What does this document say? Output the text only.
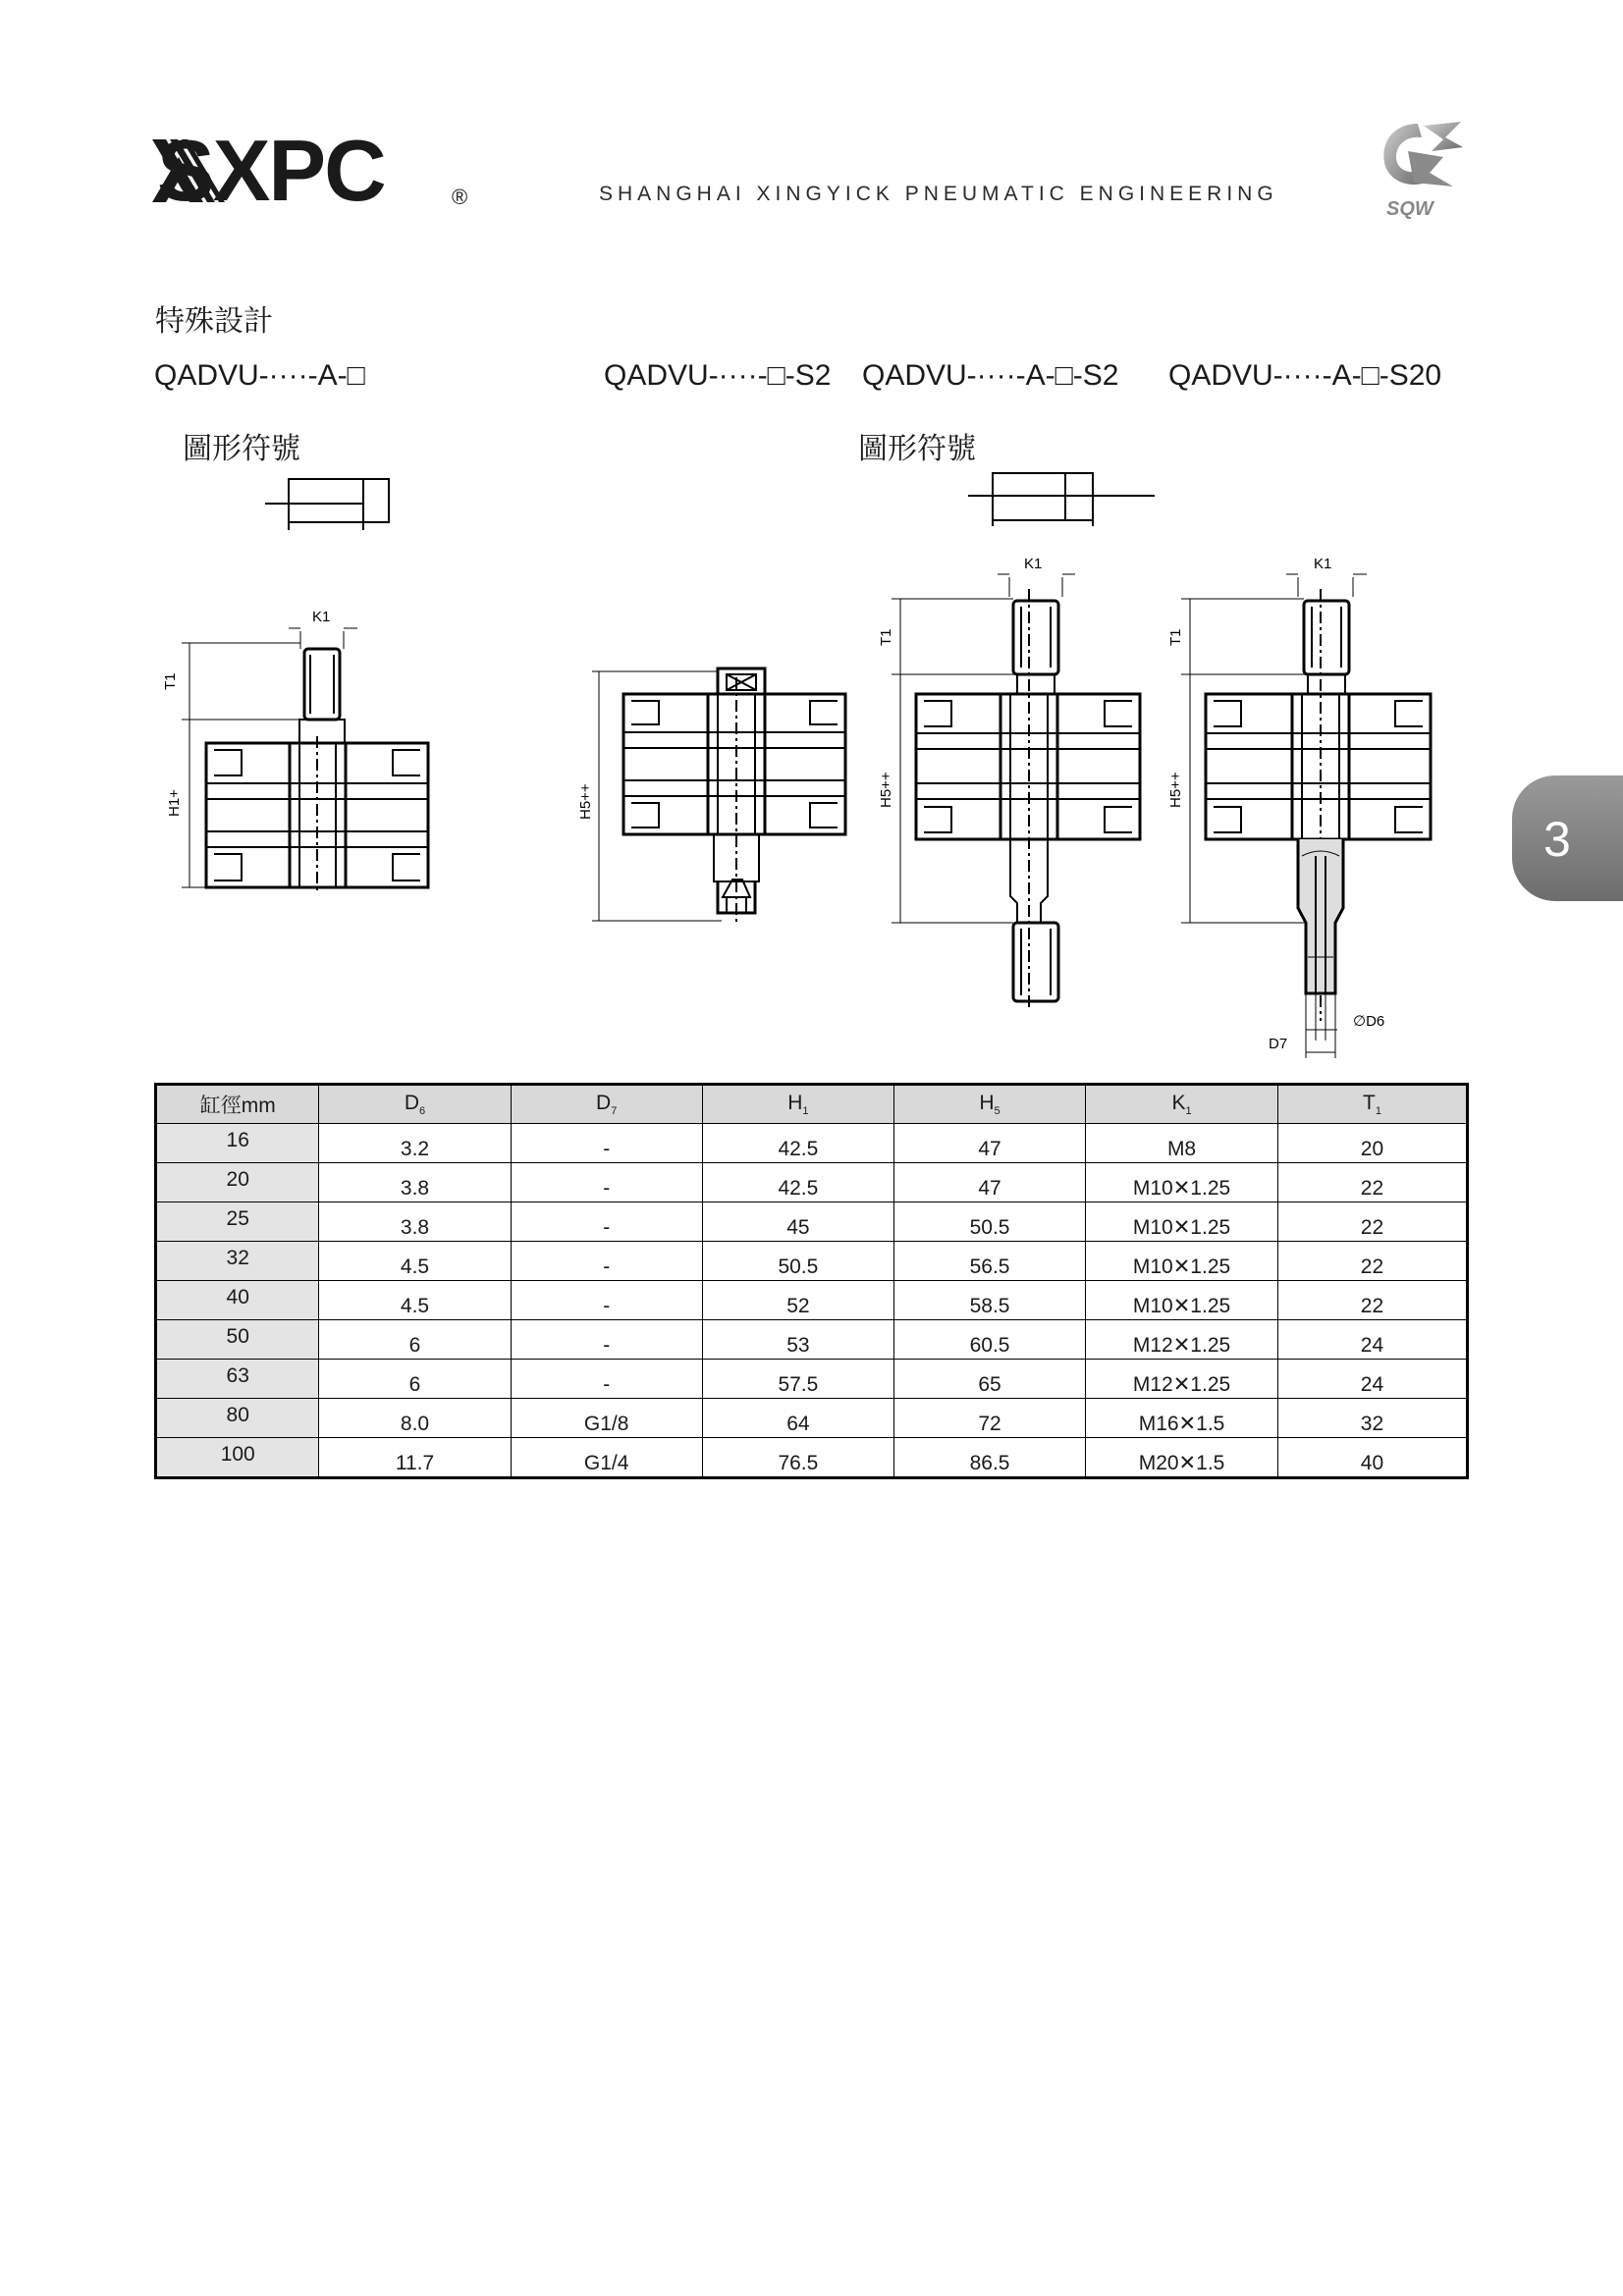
SXPC	®	SHANGHAI XINGYICK PNEUMATIC ENGINEERING
SQW
特殊設計
QADVU-····-A-□	QADVU-····-□-S2 QADVU-····-A-□-S2 QADVU-····-A-□-S20
圖形符號	圖形符號
K1
T1
H1+	H5++
K1
T1
H5++
K1
T1
H5++
∅D6
D7
3
缸徑mm	$D_6$	$D_7$	$H_1$	$H_5$	$K_1$	$T_1$
16	3.2	-	42.5	47	M8	20
20	3.8	-	42.5	47	M10✕1.25	22
25	3.8	-	45	50.5	M10✕1.25	22
32	4.5	-	50.5	56.5	M10✕1.25	22
40	4.5	-	52	58.5	M10✕1.25	22
50	6	-	53	60.5	M12✕1.25	24
63	6	-	57.5	65	M12✕1.25	24
80	8.0	G1/8	64	72	M16✕1.5	32
100	11.7	G1/4	76.5	86.5	M20✕1.5	40
